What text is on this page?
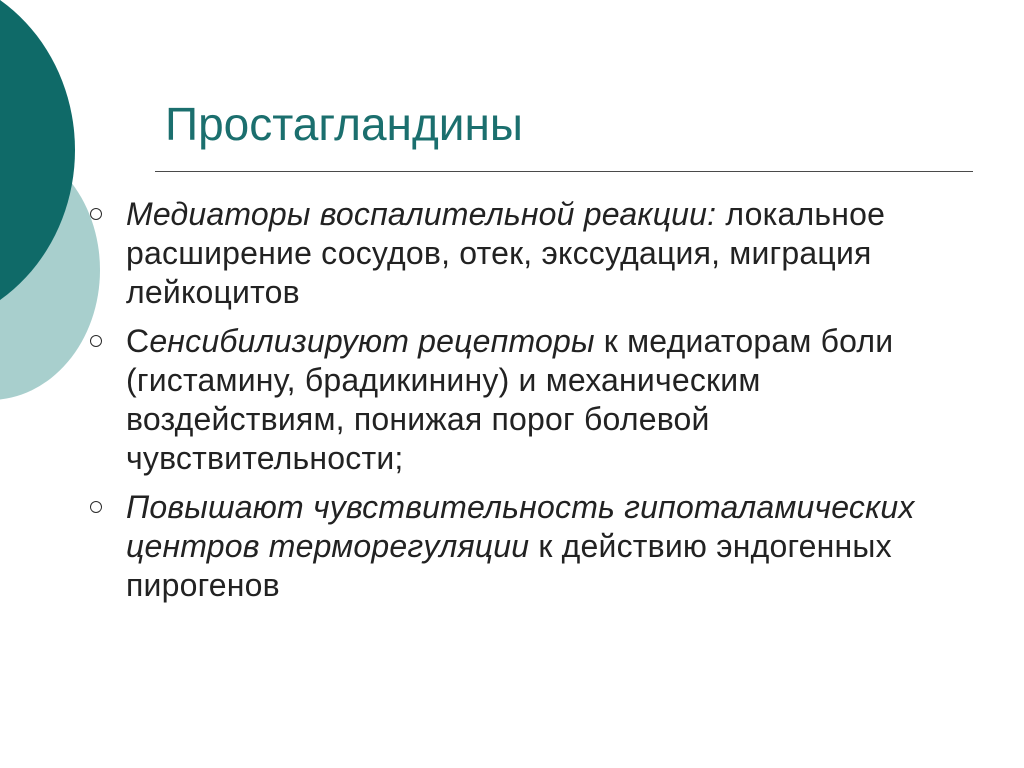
Простагландины
Медиаторы воспалительной реакции: локальное расширение сосудов, отек, экссудация, миграция лейкоцитов
Сенсибилизируют рецепторы к медиаторам боли (гистамину, брадикинину) и механическим воздействиям, понижая порог болевой чувствительности;
Повышают чувствительность гипоталамических центров терморегуляции к действию эндогенных пирогенов
